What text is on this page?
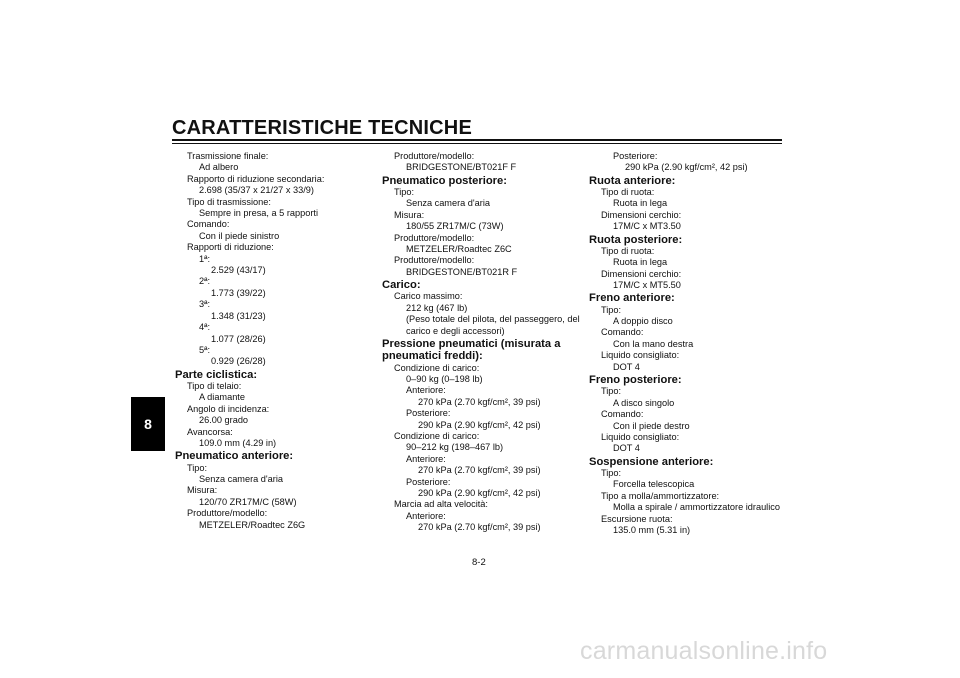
CARATTERISTICHE TECNICHE
8
Trasmissione finale:
Ad albero
Rapporto di riduzione secondaria:
2.698 (35/37 x 21/27 x 33/9)
Tipo di trasmissione:
Sempre in presa, a 5 rapporti
Comando:
Con il piede sinistro
Rapporti di riduzione:
1ª:
2.529 (43/17)
2ª:
1.773 (39/22)
3ª:
1.348 (31/23)
4ª:
1.077 (28/26)
5ª:
0.929 (26/28)
Parte ciclistica:
Tipo di telaio:
A diamante
Angolo di incidenza:
26.00 grado
Avancorsa:
109.0 mm (4.29 in)
Pneumatico anteriore:
Tipo:
Senza camera d'aria
Misura:
120/70 ZR17M/C (58W)
Produttore/modello:
METZELER/Roadtec Z6G
Produttore/modello:
BRIDGESTONE/BT021F F
Pneumatico posteriore:
Tipo:
Senza camera d'aria
Misura:
180/55 ZR17M/C (73W)
Produttore/modello:
METZELER/Roadtec Z6C
Produttore/modello:
BRIDGESTONE/BT021R F
Carico:
Carico massimo:
212 kg (467 lb)
(Peso totale del pilota, del passeggero, del carico e degli accessori)
Pressione pneumatici (misurata a pneumatici freddi):
Condizione di carico:
0–90 kg (0–198 lb)
Anteriore:
270 kPa (2.70 kgf/cm², 39 psi)
Posteriore:
290 kPa (2.90 kgf/cm², 42 psi)
Condizione di carico:
90–212 kg (198–467 lb)
Anteriore:
270 kPa (2.70 kgf/cm², 39 psi)
Posteriore:
290 kPa (2.90 kgf/cm², 42 psi)
Marcia ad alta velocità:
Anteriore:
270 kPa (2.70 kgf/cm², 39 psi)
Posteriore:
290 kPa (2.90 kgf/cm², 42 psi)
Ruota anteriore:
Tipo di ruota:
Ruota in lega
Dimensioni cerchio:
17M/C x MT3.50
Ruota posteriore:
Tipo di ruota:
Ruota in lega
Dimensioni cerchio:
17M/C x MT5.50
Freno anteriore:
Tipo:
A doppio disco
Comando:
Con la mano destra
Liquido consigliato:
DOT 4
Freno posteriore:
Tipo:
A disco singolo
Comando:
Con il piede destro
Liquido consigliato:
DOT 4
Sospensione anteriore:
Tipo:
Forcella telescopica
Tipo a molla/ammortizzatore:
Molla a spirale / ammortizzatore idraulico
Escursione ruota:
135.0 mm (5.31 in)
8-2
carmanualsonline.info
